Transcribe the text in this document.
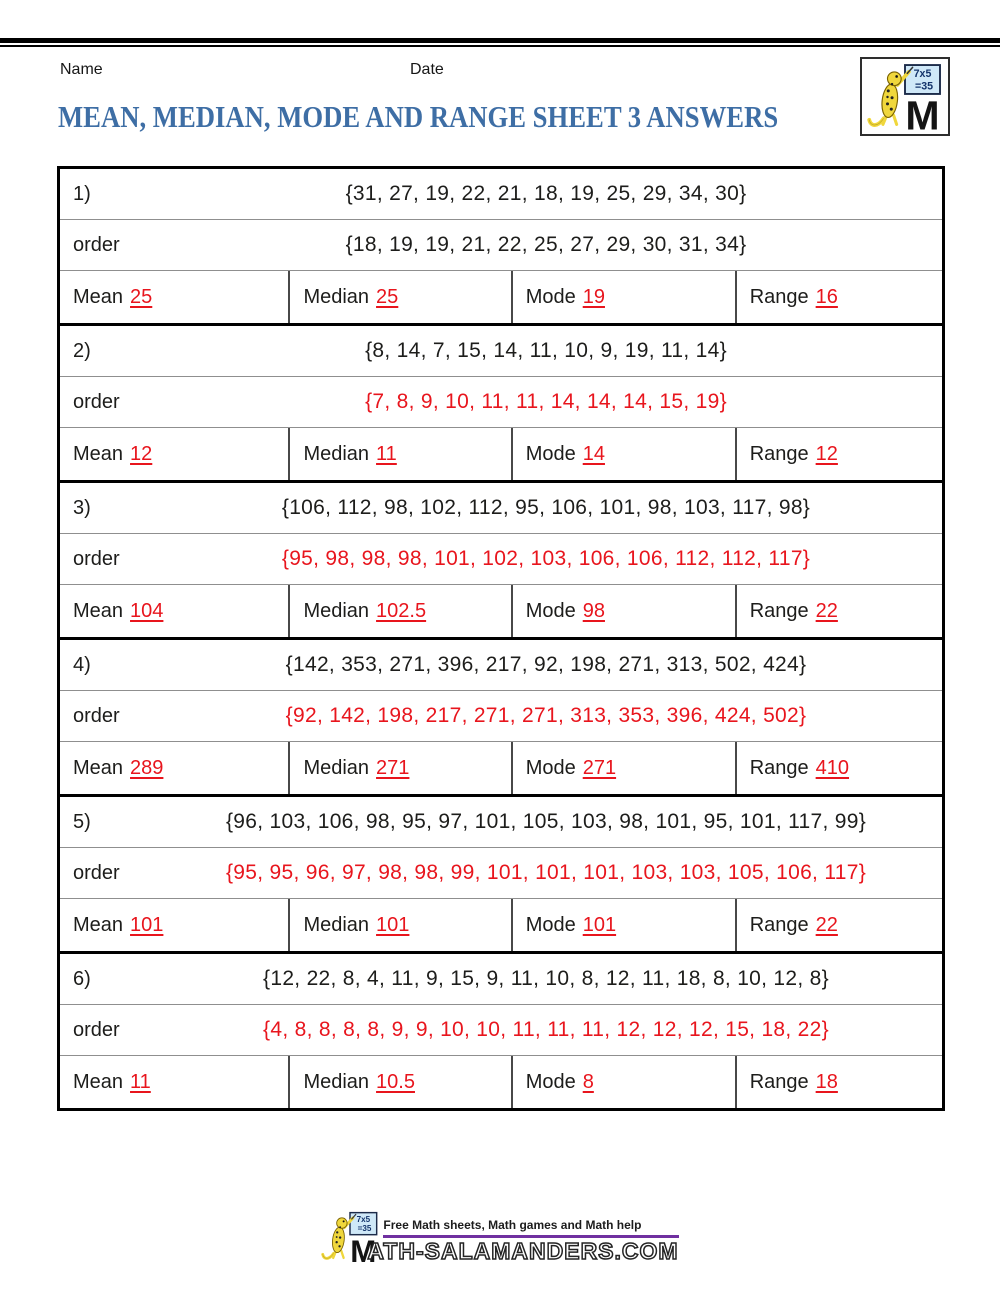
Name	Date
MEAN, MEDIAN, MODE AND RANGE SHEET 3 ANSWERS
1)	{31, 27, 19, 22, 21, 18, 19, 25, 29, 34, 30}
order	{18, 19, 19, 21, 22, 25, 27, 29, 30, 31, 34}
Mean 25	Median 25	Mode 19	Range 16
2)	{8, 14, 7, 15, 14, 11, 10, 9, 19, 11, 14}
order	{7, 8, 9, 10, 11, 11, 14, 14, 14, 15, 19}
Mean 12	Median 11	Mode 14	Range 12
3)	{106, 112, 98, 102, 112, 95, 106, 101, 98, 103, 117, 98}
order	{95, 98, 98, 98, 101, 102, 103, 106, 106, 112, 112, 117}
Mean 104	Median 102.5	Mode 98	Range 22
4)	{142, 353, 271, 396, 217, 92, 198, 271, 313, 502, 424}
order	{92, 142, 198, 217, 271, 271, 313, 353, 396, 424, 502}
Mean 289	Median 271	Mode 271	Range 410
5)	{96, 103, 106, 98, 95, 97, 101, 105, 103, 98, 101, 95, 101, 117, 99}
order	{95, 95, 96, 97, 98, 98, 99, 101, 101, 101, 103, 103, 105, 106, 117}
Mean 101	Median 101	Mode 101	Range 22
6)	{12, 22, 8, 4, 11, 9, 15, 9, 11, 10, 8, 12, 11, 18, 8, 10, 12, 8}
order	{4, 8, 8, 8, 8, 9, 9, 10, 10, 11, 11, 11, 12, 12, 12, 15, 18, 22}
Mean 11	Median 10.5	Mode 8	Range 18
Free Math sheets, Math games and Math help
ATH-SALAMANDERS.COM
